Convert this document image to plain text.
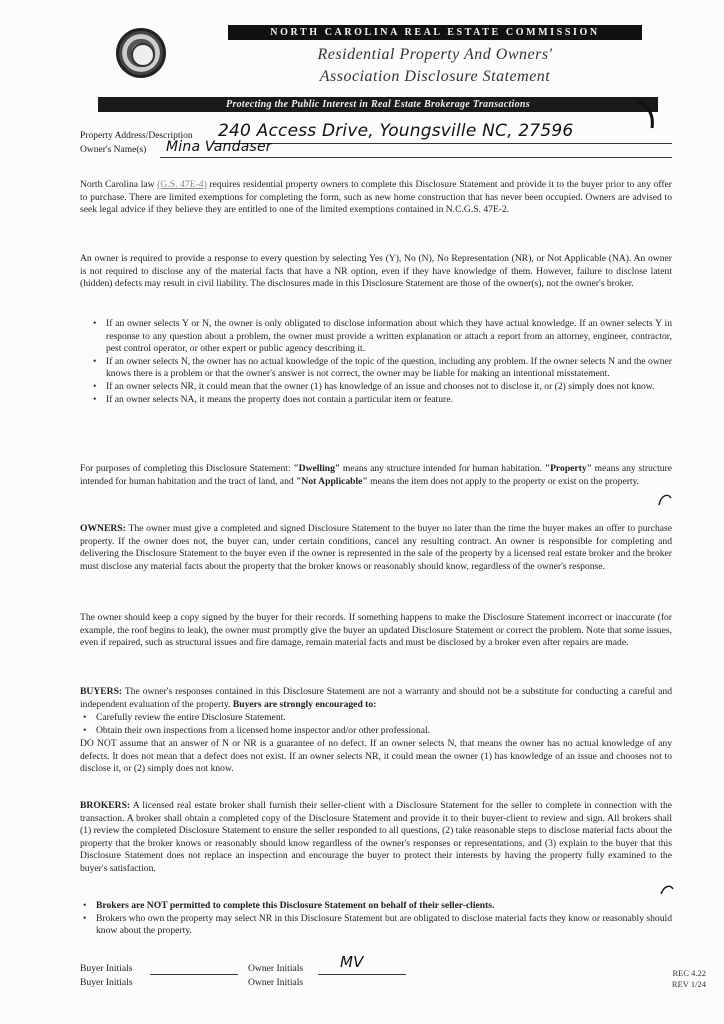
NORTH CAROLINA REAL ESTATE COMMISSION
Residential Property And Owners'
Association Disclosure Statement
Protecting the Public Interest in Real Estate Brokerage Transactions
Property Address/Description 240 Access Drive, Youngsville NC, 27596
Owner's Name(s) Mina Vandaser

North Carolina law (G.S. 47E-4) requires residential property owners to complete this Disclosure Statement and provide it to the buyer prior to any offer to purchase. There are limited exemptions for completing the form, such as new home construction that has never been occupied. Owners are advised to seek legal advice if they believe they are entitled to one of the limited exemptions contained in N.C.G.S. 47E-2.

An owner is required to provide a response to every question by selecting Yes (Y), No (N), No Representation (NR), or Not Applicable (NA). An owner is not required to disclose any of the material facts that have a NR option, even if they have knowledge of them. However, failure to disclose latent (hidden) defects may result in civil liability. The disclosures made in this Disclosure Statement are those of the owner(s), not the owner's broker.

• If an owner selects Y or N, the owner is only obligated to disclose information about which they have actual knowledge. If an owner selects Y in response to any question about a problem, the owner must provide a written explanation or attach a report from an attorney, engineer, contractor, pest control operator, or other expert or public agency describing it.
• If an owner selects N, the owner has no actual knowledge of the topic of the question, including any problem. If the owner selects N and the owner knows there is a problem or that the owner's answer is not correct, the owner may be liable for making an intentional misstatement.
• If an owner selects NR, it could mean that the owner (1) has knowledge of an issue and chooses not to disclose it, or (2) simply does not know.
• If an owner selects NA, it means the property does not contain a particular item or feature.

For purposes of completing this Disclosure Statement: "Dwelling" means any structure intended for human habitation. "Property" means any structure intended for human habitation and the tract of land, and "Not Applicable" means the item does not apply to the property or exist on the property.

OWNERS: The owner must give a completed and signed Disclosure Statement to the buyer no later than the time the buyer makes an offer to purchase property. If the owner does not, the buyer can, under certain conditions, cancel any resulting contract. An owner is responsible for completing and delivering the Disclosure Statement to the buyer even if the owner is represented in the sale of the property by a licensed real estate broker and the broker must disclose any material facts about the property that the broker knows or reasonably should know, regardless of the owner's response.

The owner should keep a copy signed by the buyer for their records. If something happens to make the Disclosure Statement incorrect or inaccurate (for example, the roof begins to leak), the owner must promptly give the buyer an updated Disclosure Statement or correct the problem. Note that some issues, even if repaired, such as structural issues and fire damage, remain material facts and must be disclosed by a broker even after repairs are made.

BUYERS: The owner's responses contained in this Disclosure Statement are not a warranty and should not be a substitute for conducting a careful and independent evaluation of the property. Buyers are strongly encouraged to:

• Carefully review the entire Disclosure Statement.
• Obtain their own inspections from a licensed home inspector and/or other professional.

DO NOT assume that an answer of N or NR is a guarantee of no defect. If an owner selects N, that means the owner has no actual knowledge of any defects. It does not mean that a defect does not exist. If an owner selects NR, it could mean the owner (1) has knowledge of an issue and chooses not to disclose it, or (2) simply does not know.

BROKERS: A licensed real estate broker shall furnish their seller-client with a Disclosure Statement for the seller to complete in connection with the transaction. A broker shall obtain a completed copy of the Disclosure Statement and provide it to their buyer-client to review and sign. All brokers shall (1) review the completed Disclosure Statement to ensure the seller responded to all questions, (2) take reasonable steps to disclose material facts about the property that the broker knows or reasonably should know regardless of the owner's responses or representations, and (3) explain to the buyer that this Disclosure Statement does not replace an inspection and encourage the buyer to protect their interests by having the property fully examined to the buyer's satisfaction.

• Brokers are NOT permitted to complete this Disclosure Statement on behalf of their seller-clients.
• Brokers who own the property may select NR in this Disclosure Statement but are obligated to disclose material facts they know or reasonably should know about the property.
Buyer Initials
Buyer Initials
Owner Initials MV
Owner Initials
REC 4.22
REV 1/24
